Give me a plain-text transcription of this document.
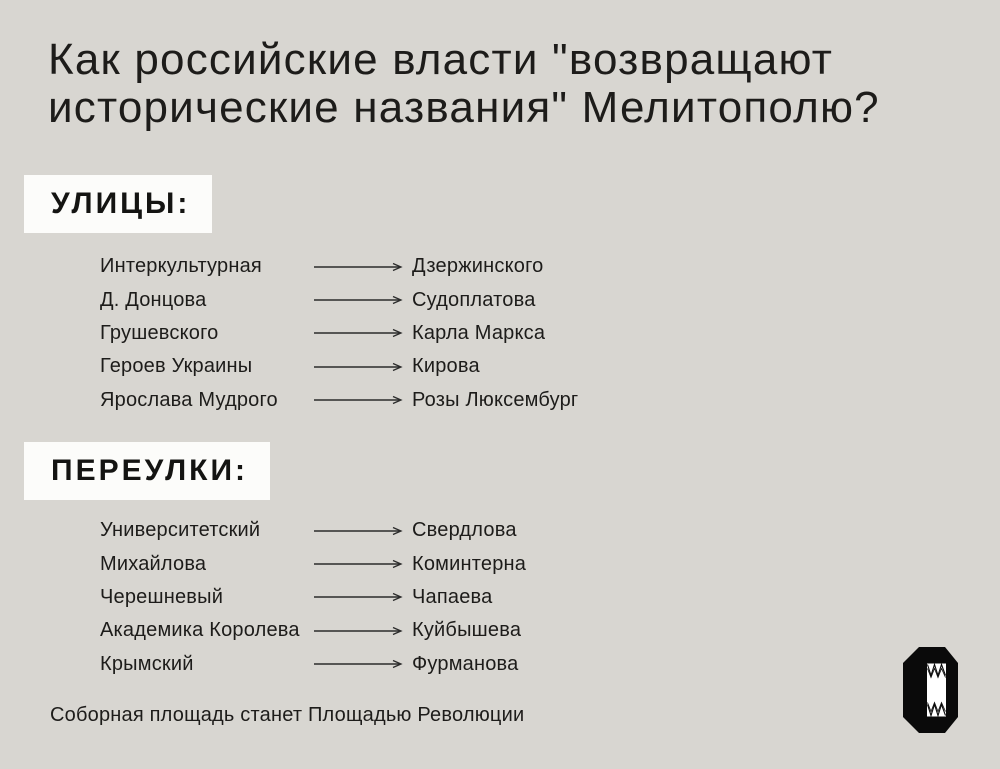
Как российские власти "возвращают
исторические названия" Мелитополю?
УЛИЦЫ:
Интеркультурная	Дзержинского
Д. Донцова	Судоплатова
Грушевского	Карла Маркса
Героев Украины	Кирова
Ярослава Мудрого	Розы Люксембург
ПЕРЕУЛКИ:
Университетский	Свердлова
Михайлова	Коминтерна
Черешневый	Чапаева
Академика Королева	Куйбышева
Крымский	Фурманова
Соборная площадь станет Площадью Революции
